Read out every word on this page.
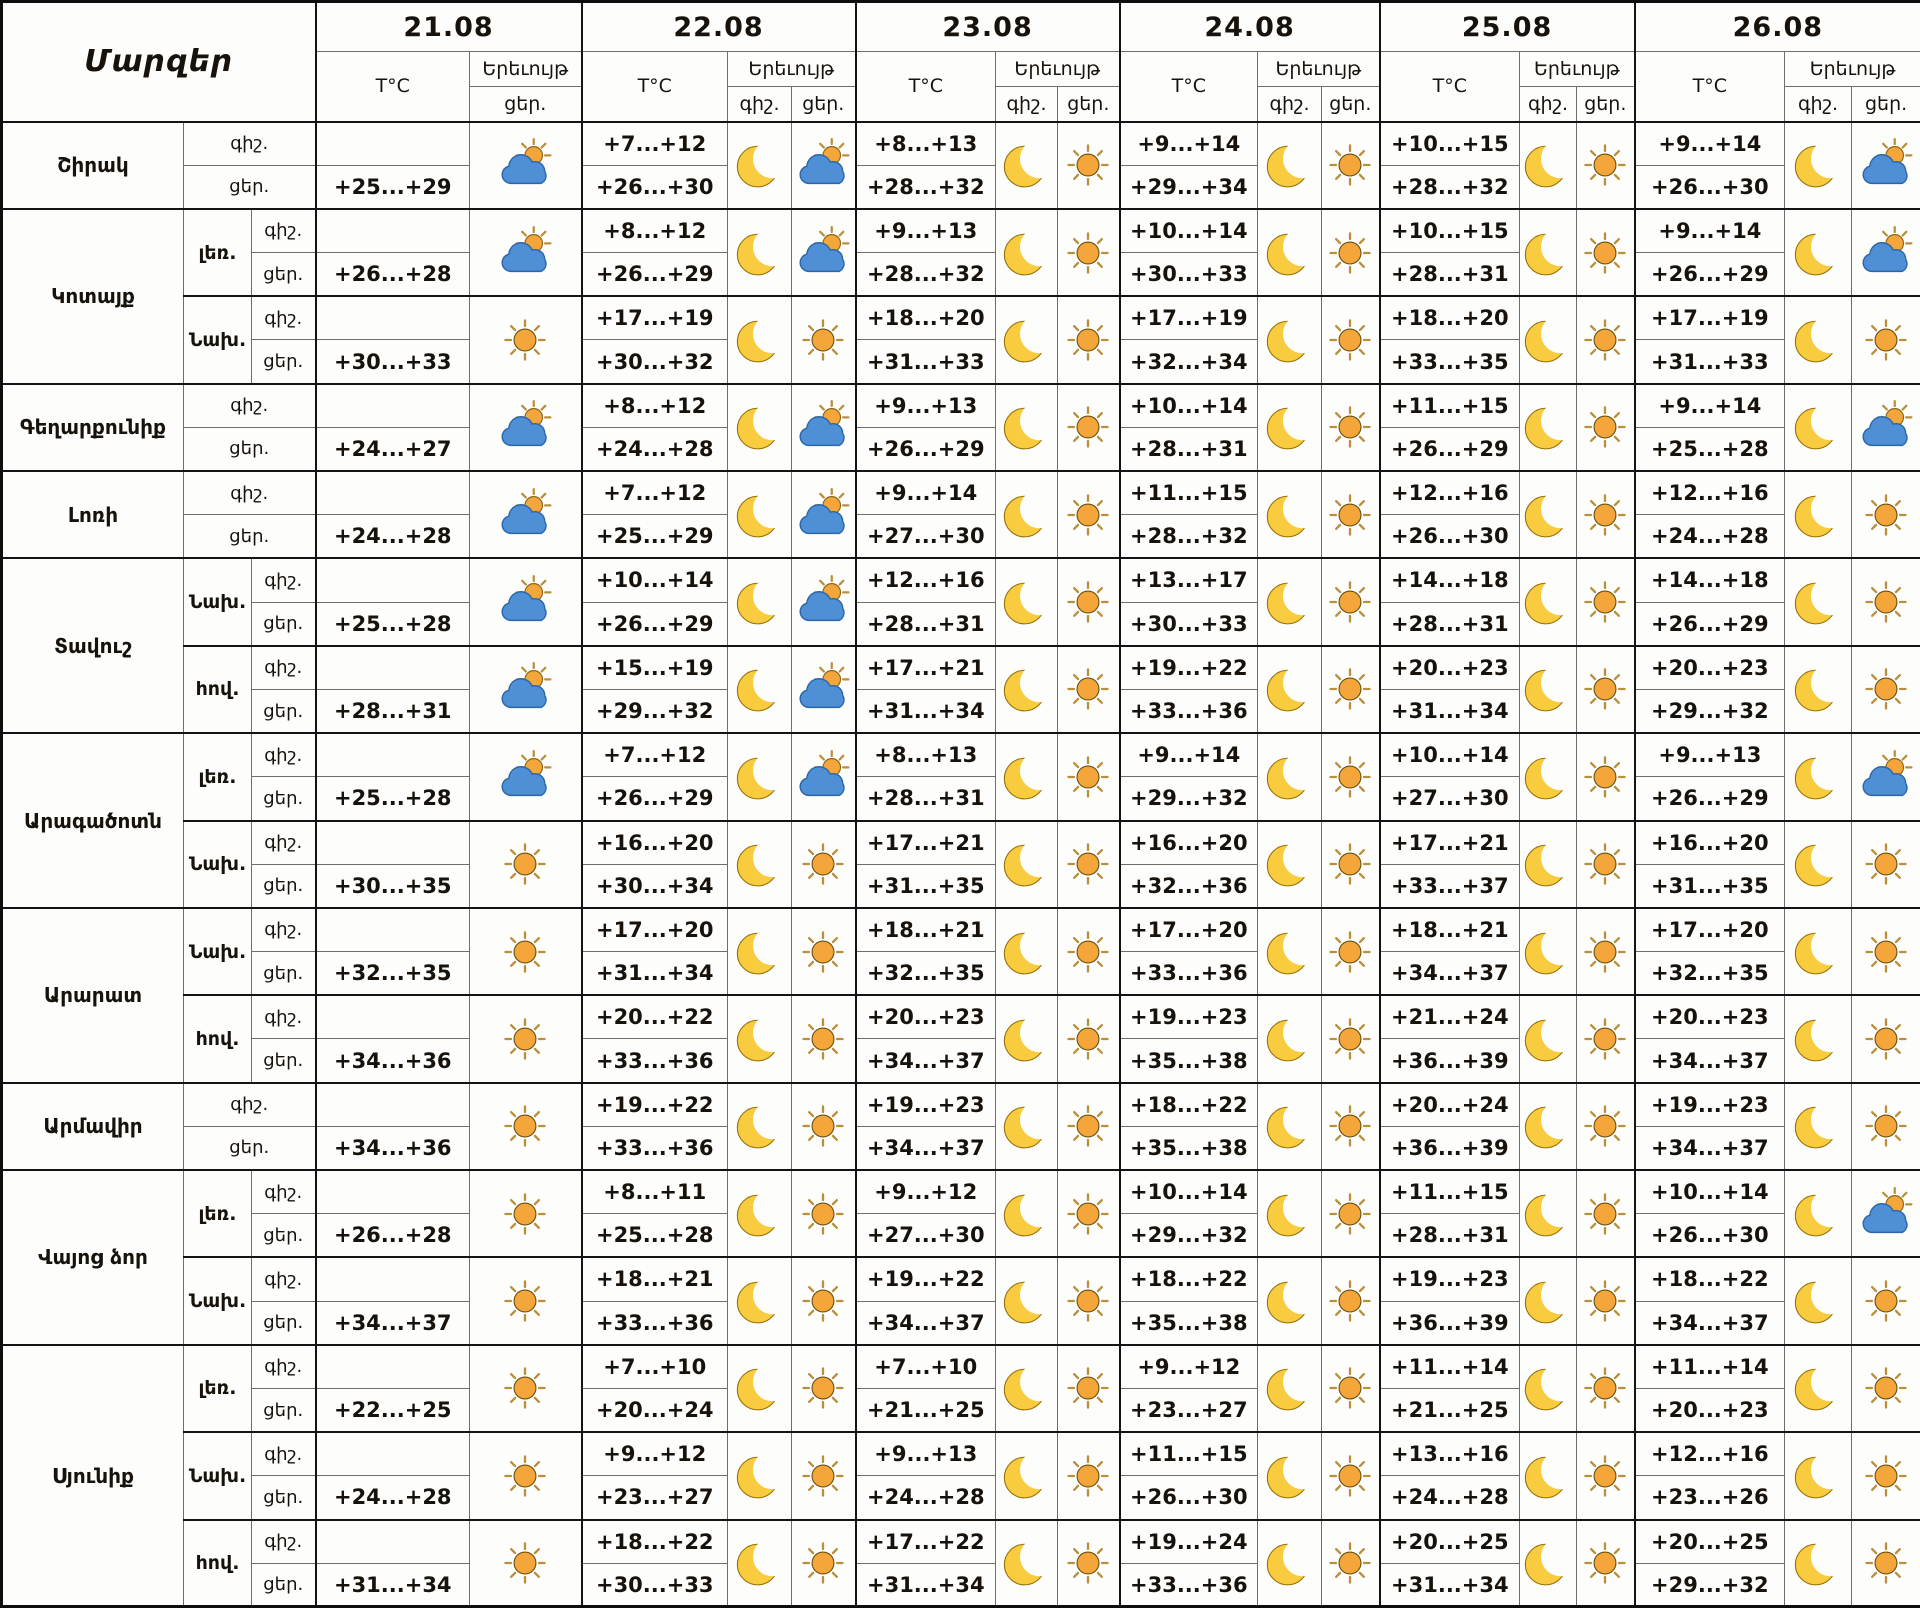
Մարզեր			21.08		22.08			23.08			24.08			25.08			26.08		
			T°C	Երեւույթ	T°C	Երեւույթ		T°C	Երեւույթ		T°C	Երեւույթ		T°C	Երեւույթ		T°C	Երեւույթ	
				ցեր.		գիշ.	ցեր.		գիշ.	ցեր.		գիշ.	ցեր.		գիշ.	ցեր.		գիշ.	ցեր.
Շիրակ	գիշ.				+7...+12			+8...+13			+9...+14			+10...+15			+9...+14	

	ցեր.		+25...+29		+26...+30			+28...+32			+29...+34			+28...+32			+26...+30		
Կոտայք	լեռ.	գիշ.			+8...+12			+9...+13			+10...+14			+10...+15			+9...+14	

		ցեր.	+26...+28		+26...+29			+28...+32			+30...+33			+28...+31			+26...+29		
	Նախ.	գիշ.			+17...+19			+18...+20			+17...+19			+18...+20			+17...+19	

		ցեր.	+30...+33		+30...+32			+31...+33			+32...+34			+33...+35			+31...+33		
Գեղարքունիք	գիշ.				+8...+12			+9...+13			+10...+14			+11...+15			+9...+14	

	ցեր.		+24...+27		+24...+28			+26...+29			+28...+31			+26...+29			+25...+28		
Լոռի	գիշ.				+7...+12			+9...+14			+11...+15			+12...+16			+12...+16	

	ցեր.		+24...+28		+25...+29			+27...+30			+28...+32			+26...+30			+24...+28		
Տավուշ	Նախ.	գիշ.			+10...+14			+12...+16			+13...+17			+14...+18			+14...+18	

		ցեր.	+25...+28		+26...+29			+28...+31			+30...+33			+28...+31			+26...+29		
	հով.	գիշ.			+15...+19			+17...+21			+19...+22			+20...+23			+20...+23	

		ցեր.	+28...+31		+29...+32			+31...+34			+33...+36			+31...+34			+29...+32		
Արագածոտն	լեռ.	գիշ.			+7...+12			+8...+13			+9...+14			+10...+14			+9...+13	

		ցեր.	+25...+28		+26...+29			+28...+31			+29...+32			+27...+30			+26...+29		
	Նախ.	գիշ.			+16...+20			+17...+21			+16...+20			+17...+21			+16...+20	

		ցեր.	+30...+35		+30...+34			+31...+35			+32...+36			+33...+37			+31...+35		
Արարատ	Նախ.	գիշ.			+17...+20			+18...+21			+17...+20			+18...+21			+17...+20	

		ցեր.	+32...+35		+31...+34			+32...+35			+33...+36			+34...+37			+32...+35		
	հով.	գիշ.			+20...+22			+20...+23			+19...+23			+21...+24			+20...+23	

		ցեր.	+34...+36		+33...+36			+34...+37			+35...+38			+36...+39			+34...+37		
Արմավիր	գիշ.				+19...+22			+19...+23			+18...+22			+20...+24			+19...+23	

	ցեր.		+34...+36		+33...+36			+34...+37			+35...+38			+36...+39			+34...+37		
Վայոց ձոր	լեռ.	գիշ.			+8...+11			+9...+12			+10...+14			+11...+15			+10...+14	

		ցեր.	+26...+28		+25...+28			+27...+30			+29...+32			+28...+31			+26...+30		
	Նախ.	գիշ.			+18...+21			+19...+22			+18...+22			+19...+23			+18...+22	

		ցեր.	+34...+37		+33...+36			+34...+37			+35...+38			+36...+39			+34...+37		
Սյունիք	լեռ.	գիշ.			+7...+10			+7...+10			+9...+12			+11...+14			+11...+14	

		ցեր.	+22...+25		+20...+24			+21...+25			+23...+27			+21...+25			+20...+23		
	Նախ.	գիշ.			+9...+12			+9...+13			+11...+15			+13...+16			+12...+16	

		ցեր.	+24...+28		+23...+27			+24...+28			+26...+30			+24...+28			+23...+26		
	հով.	գիշ.			+18...+22			+17...+22			+19...+24			+20...+25			+20...+25	

		ցեր.	+31...+34		+30...+33			+31...+34			+33...+36			+31...+34			+29...+32		
